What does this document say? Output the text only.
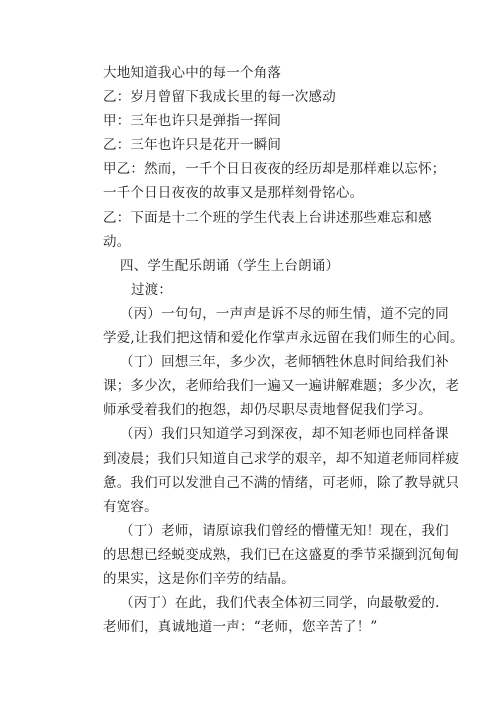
大地知道我心中的每一个角落
乙：岁月曾留下我成长里的每一次感动
甲：三年也许只是弹指一挥间
乙：三年也许只是花开一瞬间
甲乙：然而，一千个日日夜夜的经历却是那样难以忘怀；
一千个日日夜夜的故事又是那样刻骨铭心。
乙：下面是十二个班的学生代表上台讲述那些难忘和感
动。
四、学生配乐朗诵（学生上台朗诵）
过渡：
（丙）一句句，一声声是诉不尽的师生情，道不完的同
学爱,让我们把这情和爱化作掌声永远留在我们师生的心间。
（丁）回想三年，多少次，老师牺牲休息时间给我们补
课；多少次，老师给我们一遍又一遍讲解难题；多少次，老
师承受着我们的抱怨，却仍尽职尽责地督促我们学习。
（丙）我们只知道学习到深夜，却不知老师也同样备课
到凌晨；我们只知道自己求学的艰辛，却不知道老师同样疲
惫。我们可以发泄自己不满的情绪，可老师，除了教导就只
有宽容。
（丁）老师，请原谅我们曾经的懵懂无知！现在，我们
的思想已经蜕变成熟，我们已在这盛夏的季节采撷到沉甸甸
的果实，这是你们辛劳的结晶。
（丙丁）在此，我们代表全体初三同学，向最敬爱的.
老师们，真诚地道一声：“老师，您辛苦了！”
